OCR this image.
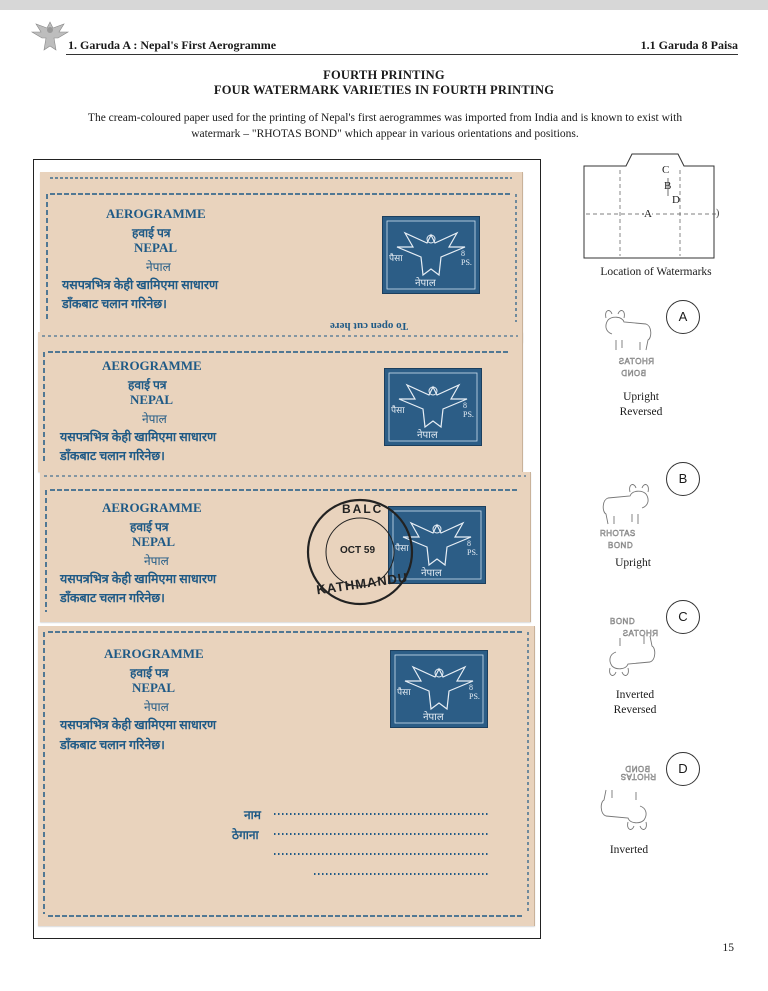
1. Garuda A : Nepal's First Aerogramme	1.1 Garuda 8 Paisa
FOURTH PRINTING
FOUR WATERMARK VARIETIES IN FOURTH PRINTING
The cream-coloured paper used for the printing of Nepal's first aerogrammes was imported from India and is known to exist with
watermark – "RHOTAS BOND" which appear in various orientations and positions.
AEROGRAMME
हवाई पत्र
NEPAL
नेपाल
यसपत्रभित्र केही खामिएमा साधारण
डाँकबाट चलान गरिनेछ।
To open cut here
पैसा	8 PS.
नेपाल
AEROGRAMME
हवाई पत्र
NEPAL
नेपाल
यसपत्रभित्र केही खामिएमा साधारण
डाँकबाट चलान गरिनेछ।
पैसा	8 PS.
नेपाल
AEROGRAMME
हवाई पत्र
NEPAL
नेपाल
यसपत्रभित्र केही खामिएमा साधारण
डाँकबाट चलान गरिनेछ।
पैसा	8 PS.
नेपाल
BALC
OCT 59
KATHMANDU
AEROGRAMME
हवाई पत्र
NEPAL
नेपाल
यसपत्रभित्र केही खामिएमा साधारण
डाँकबाट चलान गरिनेछ।
नाम
ठेगाना
पैसा	8 PS.
नेपाल
)
C
B
D
A
Location of Watermarks
RHOTAS
BOND
A
Upright
Reversed
RHOTAS
BOND
B
Upright
BOND
RHOTAS
C
Inverted
Reversed
BOND
RHOTAS
D
Inverted
15
